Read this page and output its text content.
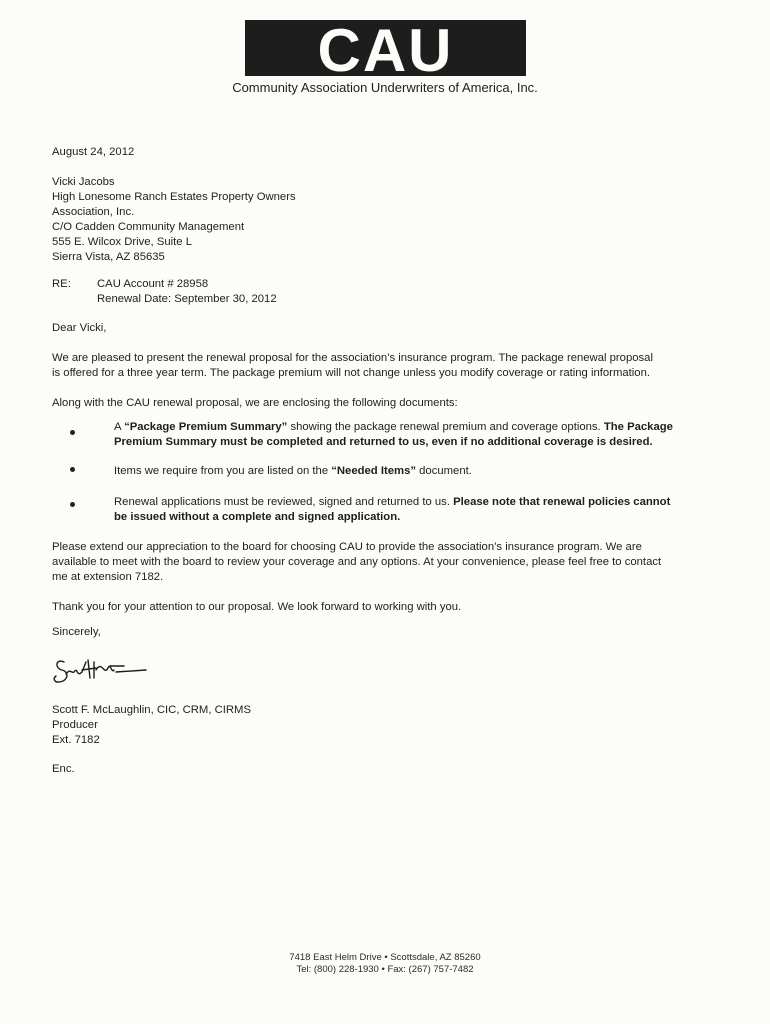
CAU
Community Association Underwriters of America, Inc.
August 24, 2012
Vicki Jacobs
High Lonesome Ranch Estates Property Owners
Association, Inc.
C/O Cadden Community Management
555 E. Wilcox Drive, Suite L
Sierra Vista, AZ 85635
RE: CAU Account # 28958
Renewal Date: September 30, 2012
Dear Vicki,
We are pleased to present the renewal proposal for the association’s insurance program. The package renewal proposal
is offered for a three year term. The package premium will not change unless you modify coverage or rating information.
Along with the CAU renewal proposal, we are enclosing the following documents:
A “Package Premium Summary” showing the package renewal premium and coverage options. The Package
Premium Summary must be completed and returned to us, even if no additional coverage is desired.
Items we require from you are listed on the “Needed Items” document.
Renewal applications must be reviewed, signed and returned to us. Please note that renewal policies cannot
be issued without a complete and signed application.
Please extend our appreciation to the board for choosing CAU to provide the association’s insurance program. We are
available to meet with the board to review your coverage and any options. At your convenience, please feel free to contact
me at extension 7182.
Thank you for your attention to our proposal. We look forward to working with you.
Sincerely,
Scott F. McLaughlin, CIC, CRM, CIRMS
Producer
Ext. 7182
Enc.
7418 East Helm Drive • Scottsdale, AZ 85260
Tel: (800) 228-1930 • Fax: (267) 757-7482
